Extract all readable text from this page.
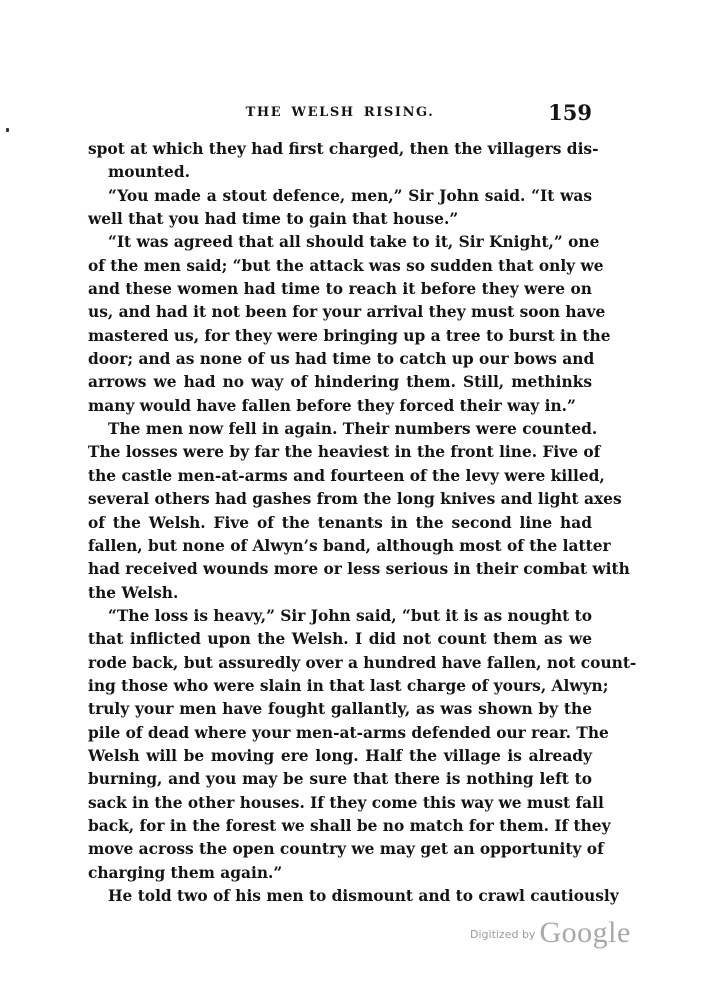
THE WELSH RISING.	159
spot at which they had first charged, then the villagers dis-
mounted.
“You made a stout defence, men,” Sir John said. “It was
well that you had time to gain that house.”
“It was agreed that all should take to it, Sir Knight,” one
of the men said; “but the attack was so sudden that only we
and these women had time to reach it before they were on
us, and had it not been for your arrival they must soon have
mastered us, for they were bringing up a tree to burst in the
door; and as none of us had time to catch up our bows and
arrows we had no way of hindering them. Still, methinks
many would have fallen before they forced their way in.”
The men now fell in again. Their numbers were counted.
The losses were by far the heaviest in the front line. Five of
the castle men-at-arms and fourteen of the levy were killed,
several others had gashes from the long knives and light axes
of the Welsh. Five of the tenants in the second line had
fallen, but none of Alwyn’s band, although most of the latter
had received wounds more or less serious in their combat with
the Welsh.
“The loss is heavy,” Sir John said, “but it is as nought to
that inflicted upon the Welsh. I did not count them as we
rode back, but assuredly over a hundred have fallen, not count-
ing those who were slain in that last charge of yours, Alwyn;
truly your men have fought gallantly, as was shown by the
pile of dead where your men-at-arms defended our rear. The
Welsh will be moving ere long. Half the village is already
burning, and you may be sure that there is nothing left to
sack in the other houses. If they come this way we must fall
back, for in the forest we shall be no match for them. If they
move across the open country we may get an opportunity of
charging them again.”
He told two of his men to dismount and to crawl cautiously
$^{Digitized by}$ Google
